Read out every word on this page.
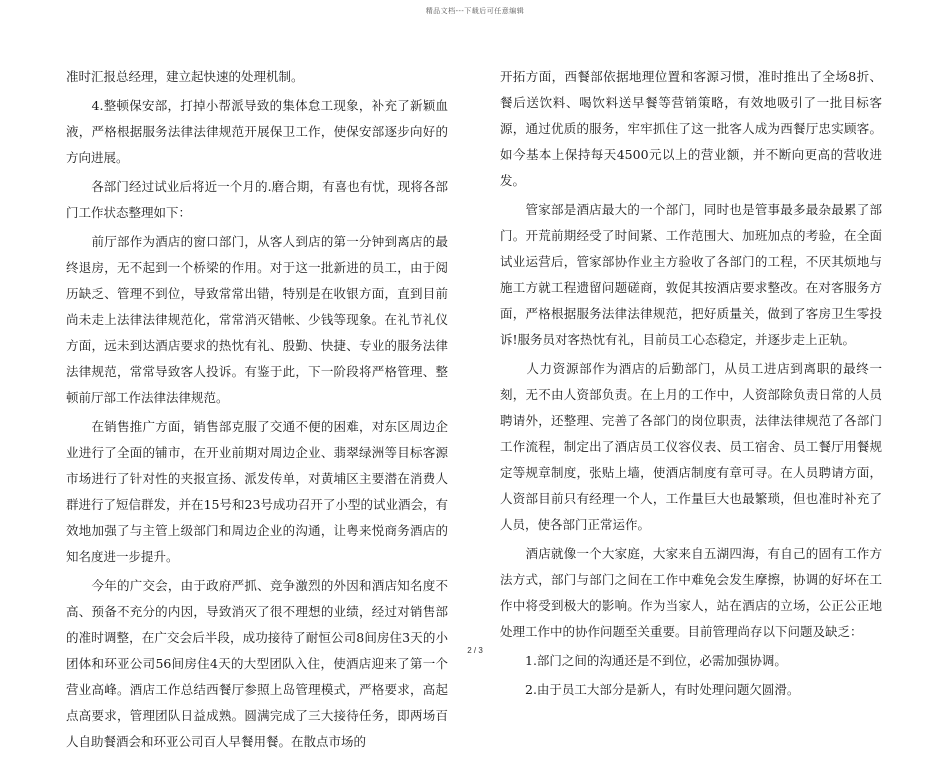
精品文档---下载后可任意编辑

准时汇报总经理，建立起快速的处理机制。

　　4.整顿保安部，打掉小帮派导致的集体怠工现象，补充了新颖血液，严格根据服务法律法律规范开展保卫工作，使保安部逐步向好的方向进展。

　　各部门经过试业后将近一个月的.磨合期，有喜也有忧，现将各部门工作状态整理如下：

　　前厅部作为酒店的窗口部门，从客人到店的第一分钟到离店的最终退房，无不起到一个桥梁的作用。对于这一批新进的员工，由于阅历缺乏、管理不到位，导致常常出错，特别是在收银方面，直到目前尚未走上法律法律规范化，常常消灭错帐、少钱等现象。在礼节礼仪方面，远未到达酒店要求的热忱有礼、殷勤、快捷、专业的服务法律法律规范，常常导致客人投诉。有鉴于此，下一阶段将严格管理、整顿前厅部工作法律法律规范。

　　在销售推广方面，销售部克服了交通不便的困难，对东区周边企业进行了全面的铺市，在开业前期对周边企业、翡翠绿洲等目标客源市场进行了针对性的夹报宣扬、派发传单，对黄埔区主要潜在消费人群进行了短信群发，并在15号和23号成功召开了小型的试业酒会，有效地加强了与主管上级部门和周边企业的沟通，让粤来悦商务酒店的知名度进一步提升。

　　今年的广交会，由于政府严抓、竞争激烈的外因和酒店知名度不高、预备不充分的内因，导致消灭了很不理想的业绩，经过对销售部的准时调整，在广交会后半段，成功接待了耐恒公司8间房住3天的小团体和环亚公司56间房住4天的大型团队入住，使酒店迎来了第一个营业高峰。酒店工作总结西餐厅参照上岛管理模式，严格要求，高起点高要求，管理团队日益成熟。圆满完成了三大接待任务，即两场百人自助餐酒会和环亚公司百人早餐用餐。在散点市场的

开拓方面，西餐部依据地理位置和客源习惯，准时推出了全场8折、餐后送饮料、喝饮料送早餐等营销策略，有效地吸引了一批目标客源，通过优质的服务，牢牢抓住了这一批客人成为西餐厅忠实顾客。如今基本上保持每天4500元以上的营业额，并不断向更高的营收进发。

　　管家部是酒店最大的一个部门，同时也是管事最多最杂最累了部门。开荒前期经受了时间紧、工作范围大、加班加点的考验，在全面试业运营后，管家部协作业主方验收了各部门的工程，不厌其烦地与施工方就工程遗留问题磋商，敦促其按酒店要求整改。在对客服务方面，严格根据服务法律法律规范，把好质量关，做到了客房卫生零投诉!服务员对客热忱有礼，目前员工心态稳定，并逐步走上正轨。

　　人力资源部作为酒店的后勤部门，从员工进店到离职的最终一刻，无不由人资部负责。在上月的工作中，人资部除负责日常的人员聘请外，还整理、完善了各部门的岗位职责，法律法律规范了各部门工作流程，制定出了酒店员工仪容仪表、员工宿舍、员工餐厅用餐规定等规章制度，张贴上墙，使酒店制度有章可寻。在人员聘请方面，人资部目前只有经理一个人，工作量巨大也最繁琐，但也准时补充了人员，使各部门正常运作。

　　酒店就像一个大家庭，大家来自五湖四海，有自己的固有工作方法方式，部门与部门之间在工作中难免会发生摩擦，协调的好坏在工作中将受到极大的影响。作为当家人，站在酒店的立场，公正公正地处理工作中的协作问题至关重要。目前管理尚存以下问题及缺乏：

　　1.部门之间的沟通还是不到位，必需加强协调。

　　2.由于员工大部分是新人，有时处理问题欠圆滑。

2 / 3
